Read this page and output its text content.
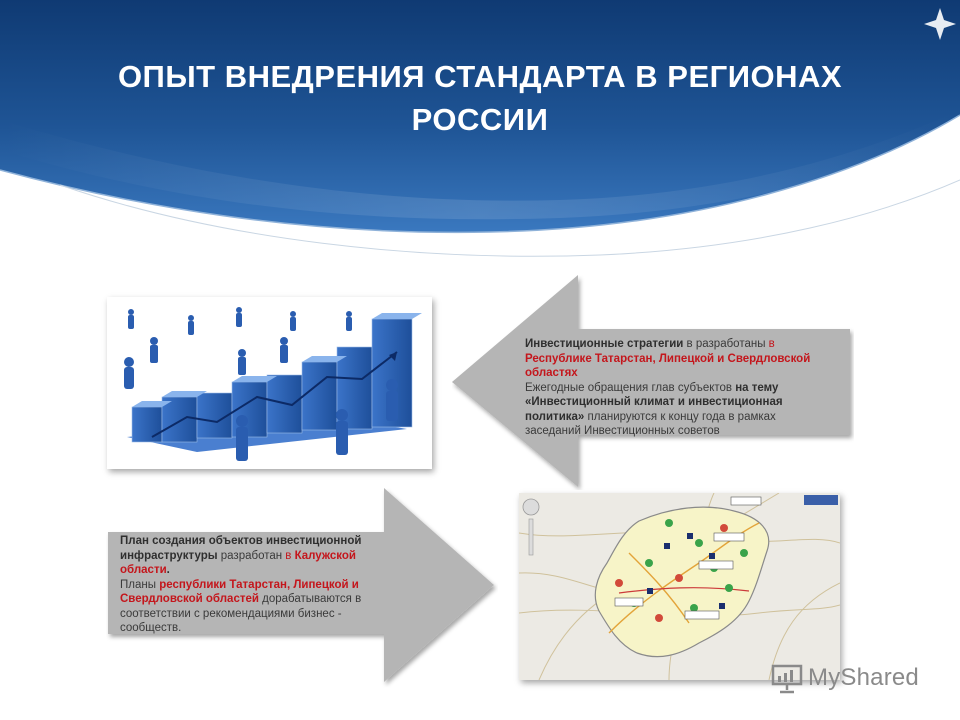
ОПЫТ ВНЕДРЕНИЯ СТАНДАРТА В РЕГИОНАХ
РОССИИ
Инвестиционные стратегии в разработаны в Республике Татарстан, Липецкой и Свердловской областях
Ежегодные обращения глав субъектов на тему «Инвестиционный климат и инвестиционная политика» планируются к концу года в рамках заседаний Инвестиционных советов
План создания объектов инвестиционной инфраструктуры разработан в Калужской области.
Планы республики Татарстан, Липецкой и Свердловской областей дорабатываются в соответствии с рекомендациями бизнес - сообществ.
MyShared
